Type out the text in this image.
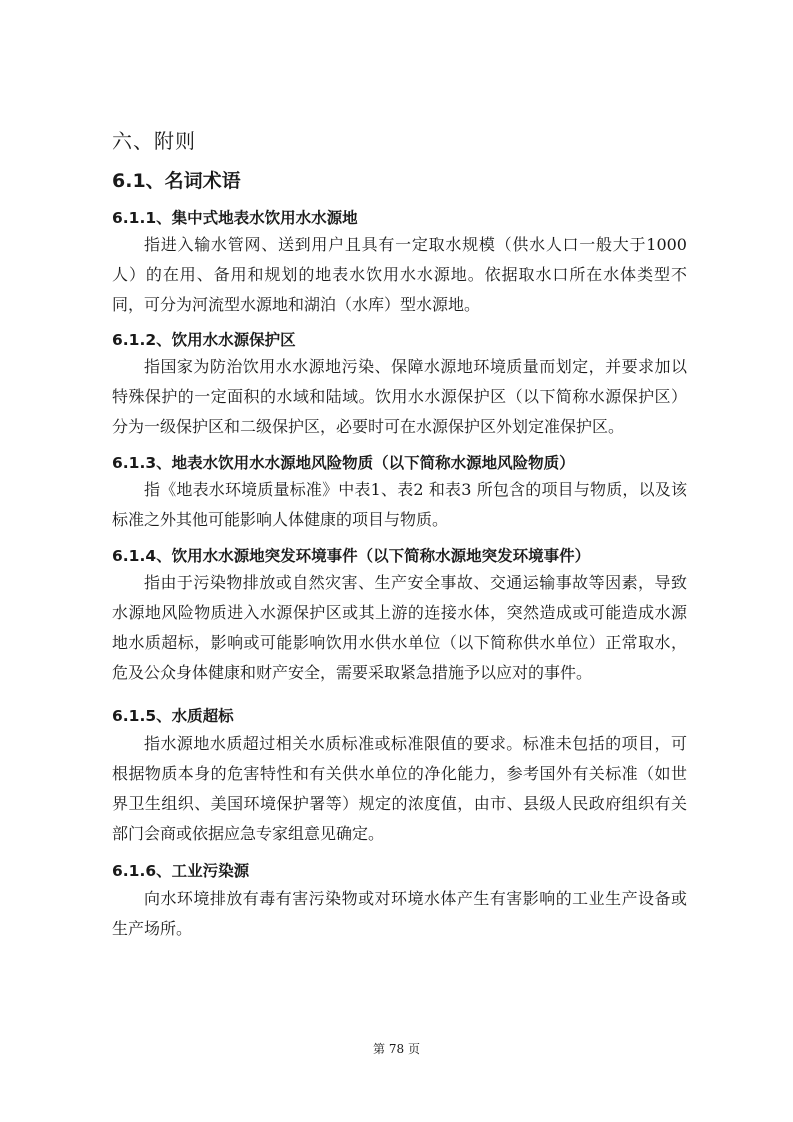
六、附则
6.1、名词术语
6.1.1、集中式地表水饮用水水源地
指进入输水管网、送到用户且具有一定取水规模（供水人口一般大于1000 人）的在用、备用和规划的地表水饮用水水源地。依据取水口所在水体类型不同，可分为河流型水源地和湖泊（水库）型水源地。
6.1.2、饮用水水源保护区
指国家为防治饮用水水源地污染、保障水源地环境质量而划定，并要求加以特殊保护的一定面积的水域和陆域。饮用水水源保护区（以下简称水源保护区）分为一级保护区和二级保护区，必要时可在水源保护区外划定准保护区。
6.1.3、地表水饮用水水源地风险物质（以下简称水源地风险物质）
指《地表水环境质量标准》中表1、表2 和表3 所包含的项目与物质，以及该标准之外其他可能影响人体健康的项目与物质。
6.1.4、饮用水水源地突发环境事件（以下简称水源地突发环境事件）
指由于污染物排放或自然灾害、生产安全事故、交通运输事故等因素，导致水源地风险物质进入水源保护区或其上游的连接水体，突然造成或可能造成水源地水质超标，影响或可能影响饮用水供水单位（以下简称供水单位）正常取水，危及公众身体健康和财产安全，需要采取紧急措施予以应对的事件。
6.1.5、水质超标
指水源地水质超过相关水质标准或标准限值的要求。标准未包括的项目，可根据物质本身的危害特性和有关供水单位的净化能力，参考国外有关标准（如世界卫生组织、美国环境保护署等）规定的浓度值，由市、县级人民政府组织有关部门会商或依据应急专家组意见确定。
6.1.6、工业污染源
向水环境排放有毒有害污染物或对环境水体产生有害影响的工业生产设备或生产场所。
第 78 页
